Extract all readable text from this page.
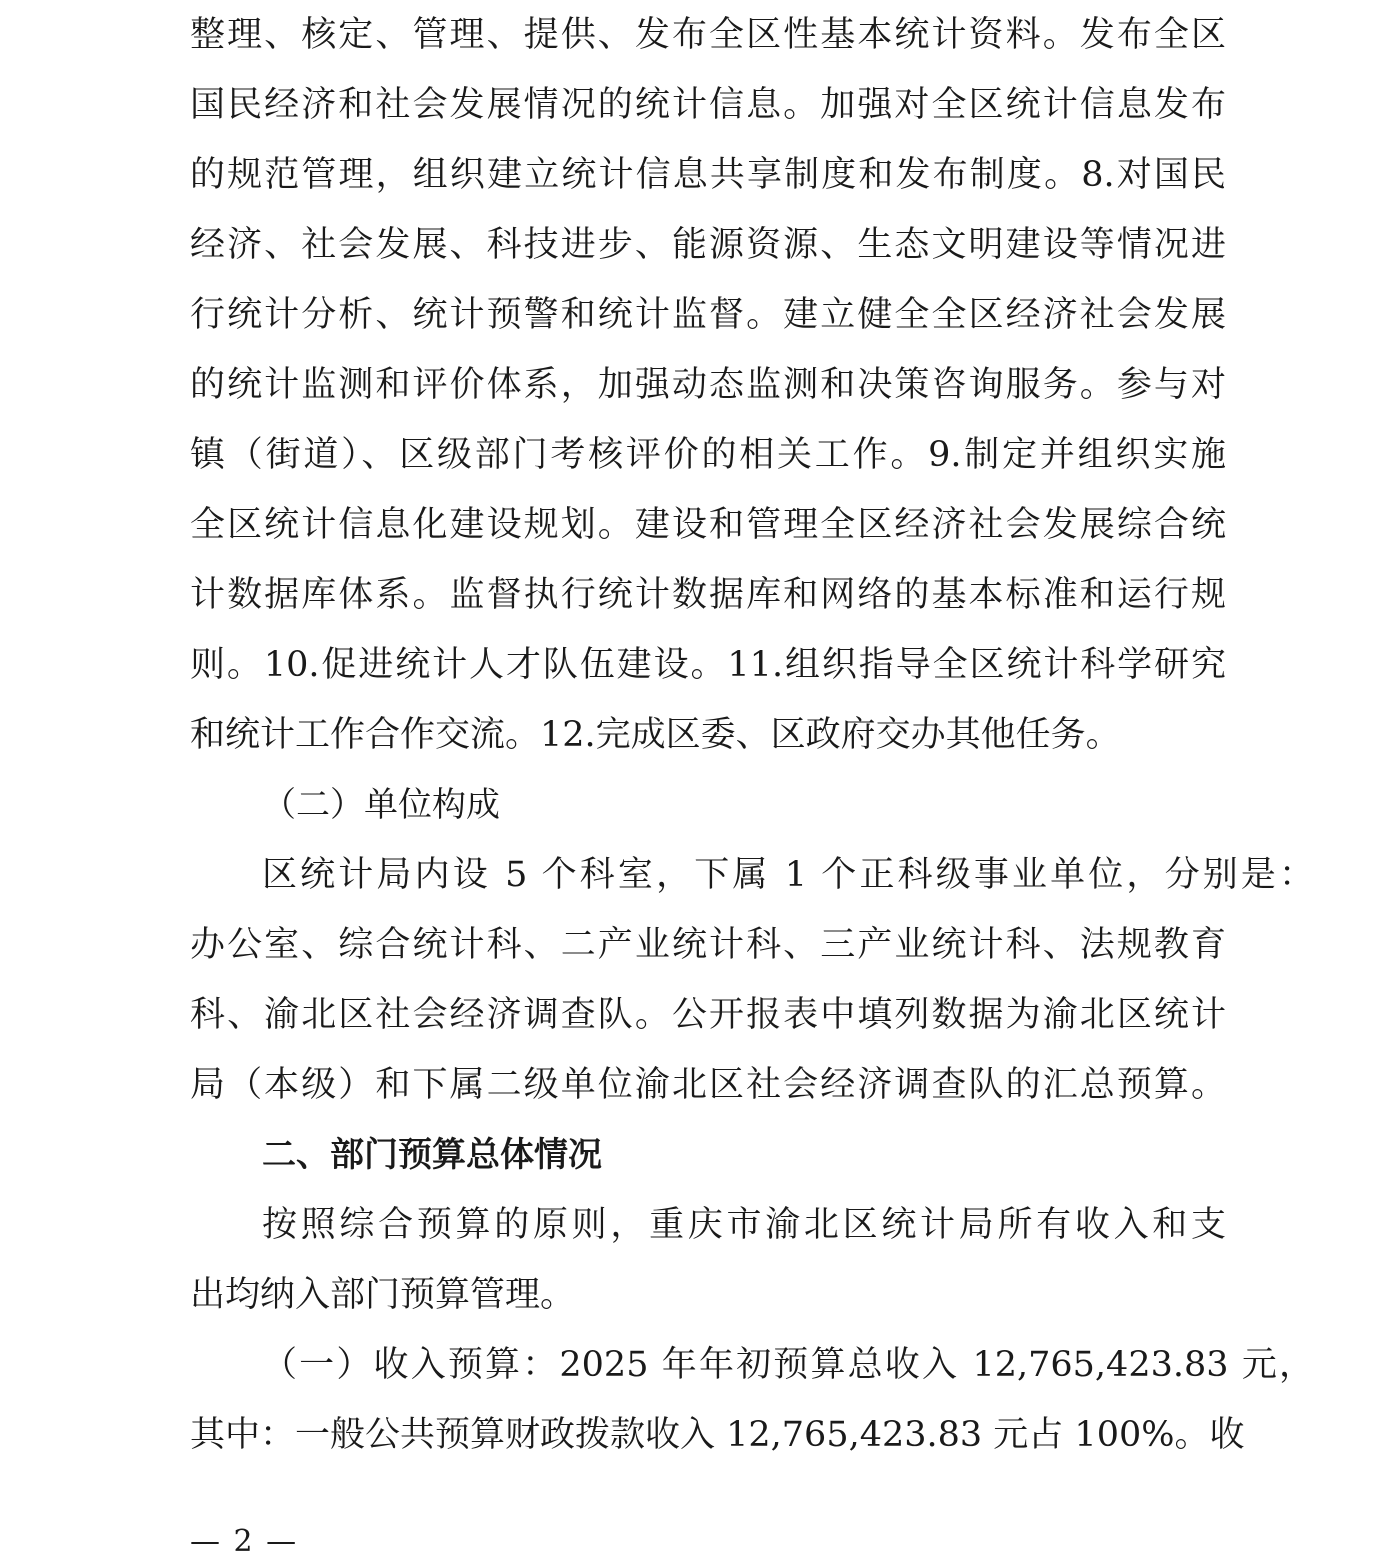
整理、核定、管理、提供、发布全区性基本统计资料。发布全区

国民经济和社会发展情况的统计信息。加强对全区统计信息发布

的规范管理，组织建立统计信息共享制度和发布制度。8.对国民

经济、社会发展、科技进步、能源资源、生态文明建设等情况进

行统计分析、统计预警和统计监督。建立健全全区经济社会发展

的统计监测和评价体系，加强动态监测和决策咨询服务。参与对

镇（街道）、区级部门考核评价的相关工作。9.制定并组织实施

全区统计信息化建设规划。建设和管理全区经济社会发展综合统

计数据库体系。监督执行统计数据库和网络的基本标准和运行规

则。10.促进统计人才队伍建设。11.组织指导全区统计科学研究

和统计工作合作交流。12.完成区委、区政府交办其他任务。

（二）单位构成

区统计局内设 5 个科室，下属 1 个正科级事业单位，分别是：

办公室、综合统计科、二产业统计科、三产业统计科、法规教育

科、渝北区社会经济调查队。公开报表中填列数据为渝北区统计

局（本级）和下属二级单位渝北区社会经济调查队的汇总预算。

二、部门预算总体情况

按照综合预算的原则，重庆市渝北区统计局所有收入和支

出均纳入部门预算管理。

（一）收入预算：2025 年年初预算总收入 12,765,423.83 元，

其中：一般公共预算财政拨款收入 12,765,423.83 元占 100%。收

— 2 —
